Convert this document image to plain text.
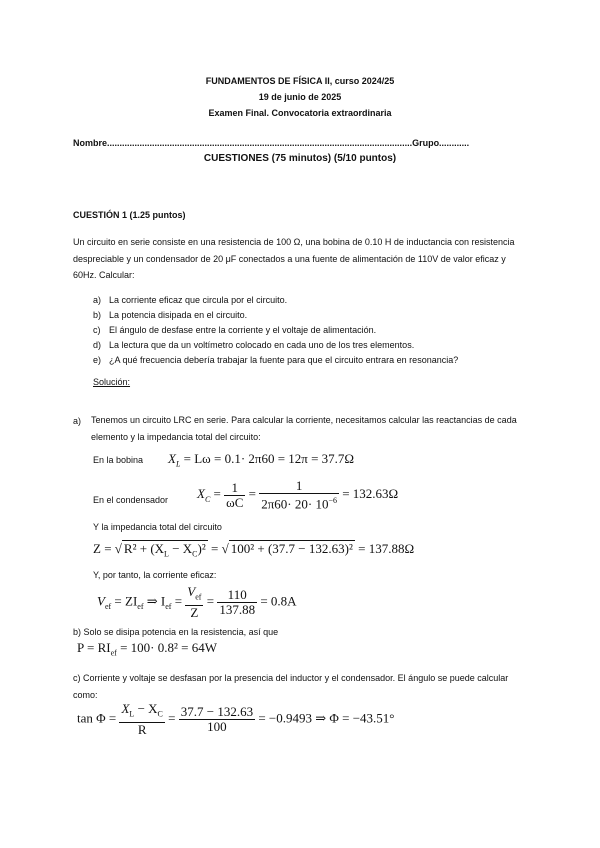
FUNDAMENTOS DE FÍSICA II, curso 2024/25
19 de junio de 2025
Examen Final. Convocatoria extraordinaria
Nombre..........................................................................................................................Grupo............
CUESTIONES (75 minutos) (5/10 puntos)
CUESTIÓN 1 (1.25 puntos)
Un circuito en serie consiste en una resistencia de 100 Ω, una bobina de 0.10 H de inductancia con resistencia despreciable y un condensador de 20 μF conectados a una fuente de alimentación de 110V de valor eficaz y 60Hz. Calcular:
a) La corriente eficaz que circula por el circuito.
b) La potencia disipada en el circuito.
c) El ángulo de desfase entre la corriente y el voltaje de alimentación.
d) La lectura que da un voltímetro colocado en cada uno de los tres elementos.
e) ¿A qué frecuencia debería trabajar la fuente para que el circuito entrara en resonancia?
Solución:
a) Tenemos un circuito LRC en serie. Para calcular la corriente, necesitamos calcular las reactancias de cada elemento y la impedancia total del circuito:
En la bobina $X_L = L\omega = 0.1\cdot 2\pi 60 = 12\pi = 37.7\Omega$
En el condensador $X_C = \frac{1}{\omega C} = \frac{1}{2\pi 60\cdot 20\cdot 10^{-6}} = 132.63\Omega$
Y la impedancia total del circuito
Z = √ $R^2 + (X_L - X_C)^2$ = √ 100² + (37.7 − 132.63)² = 137.88Ω
Y, por tanto, la corriente eficaz:
$V_{ef} = ZI_{ef}$ ⇒ $I_{ef} = \frac{V_{ef}}{Z} = \frac{110}{137.88} = 0.8A$
b) Solo se disipa potencia en la resistencia, así que
$P = RI_{ef} = 100\cdot 0.8^2 = 64W$
c) Corriente y voltaje se desfasan por la presencia del inductor y el condensador. El ángulo se puede calcular como:
$\tan \Phi = \frac{X_L - X_C}{R} = \frac{37.7 - 132.63}{100} = -0.9493$ ⇒ Φ = −43.51°
